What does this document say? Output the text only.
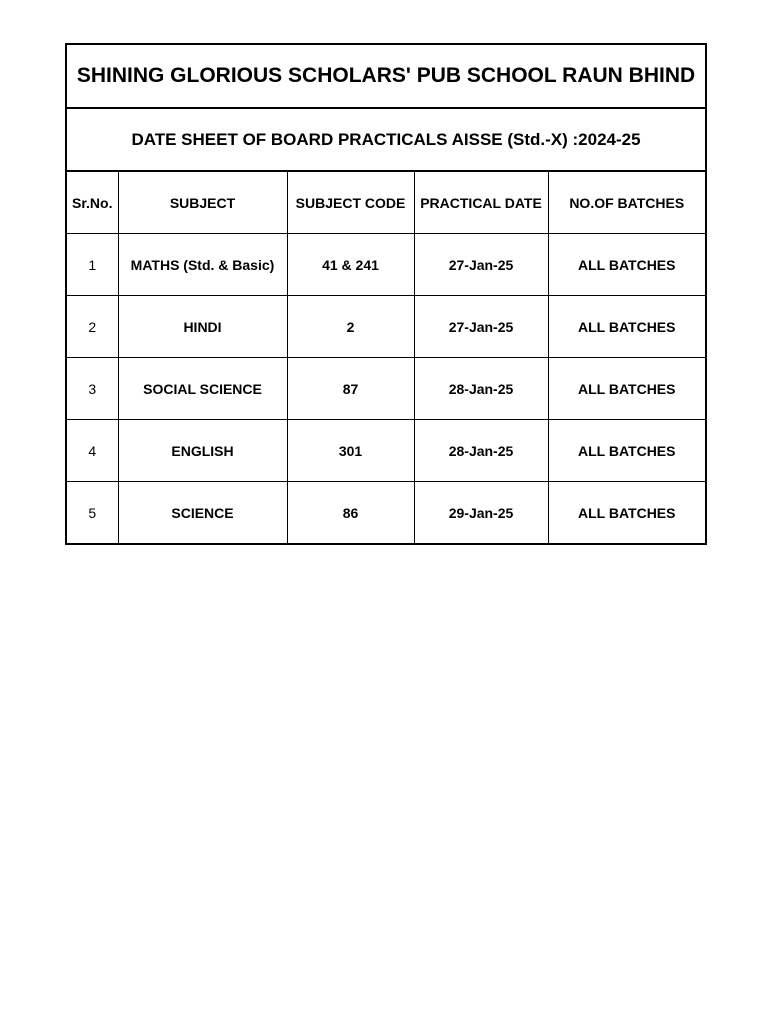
SHINING GLORIOUS SCHOLARS' PUB SCHOOL RAUN BHIND				
DATE SHEET OF BOARD PRACTICALS AISSE (Std.-X) :2024-25				
Sr.No.	SUBJECT	SUBJECT CODE	PRACTICAL DATE	NO.OF BATCHES
1	MATHS (Std. & Basic)	41 & 241	27-Jan-25	ALL BATCHES
2	HINDI	2	27-Jan-25	ALL BATCHES
3	SOCIAL SCIENCE	87	28-Jan-25	ALL BATCHES
4	ENGLISH	301	28-Jan-25	ALL BATCHES
5	SCIENCE	86	29-Jan-25	ALL BATCHES
